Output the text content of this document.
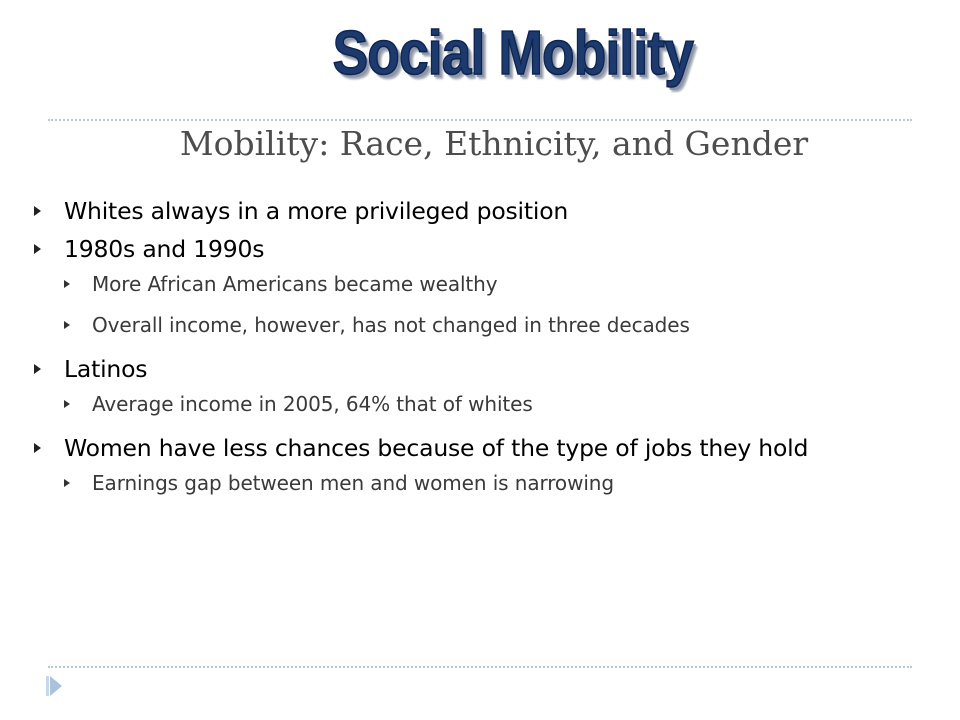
Social Mobility
Mobility: Race, Ethnicity, and Gender
Whites always in a more privileged position
1980s and 1990s
More African Americans became wealthy
Overall income, however, has not changed in three decades
Latinos
Average income in 2005, 64% that of whites
Women have less chances because of the type of jobs they hold
Earnings gap between men and women is narrowing
